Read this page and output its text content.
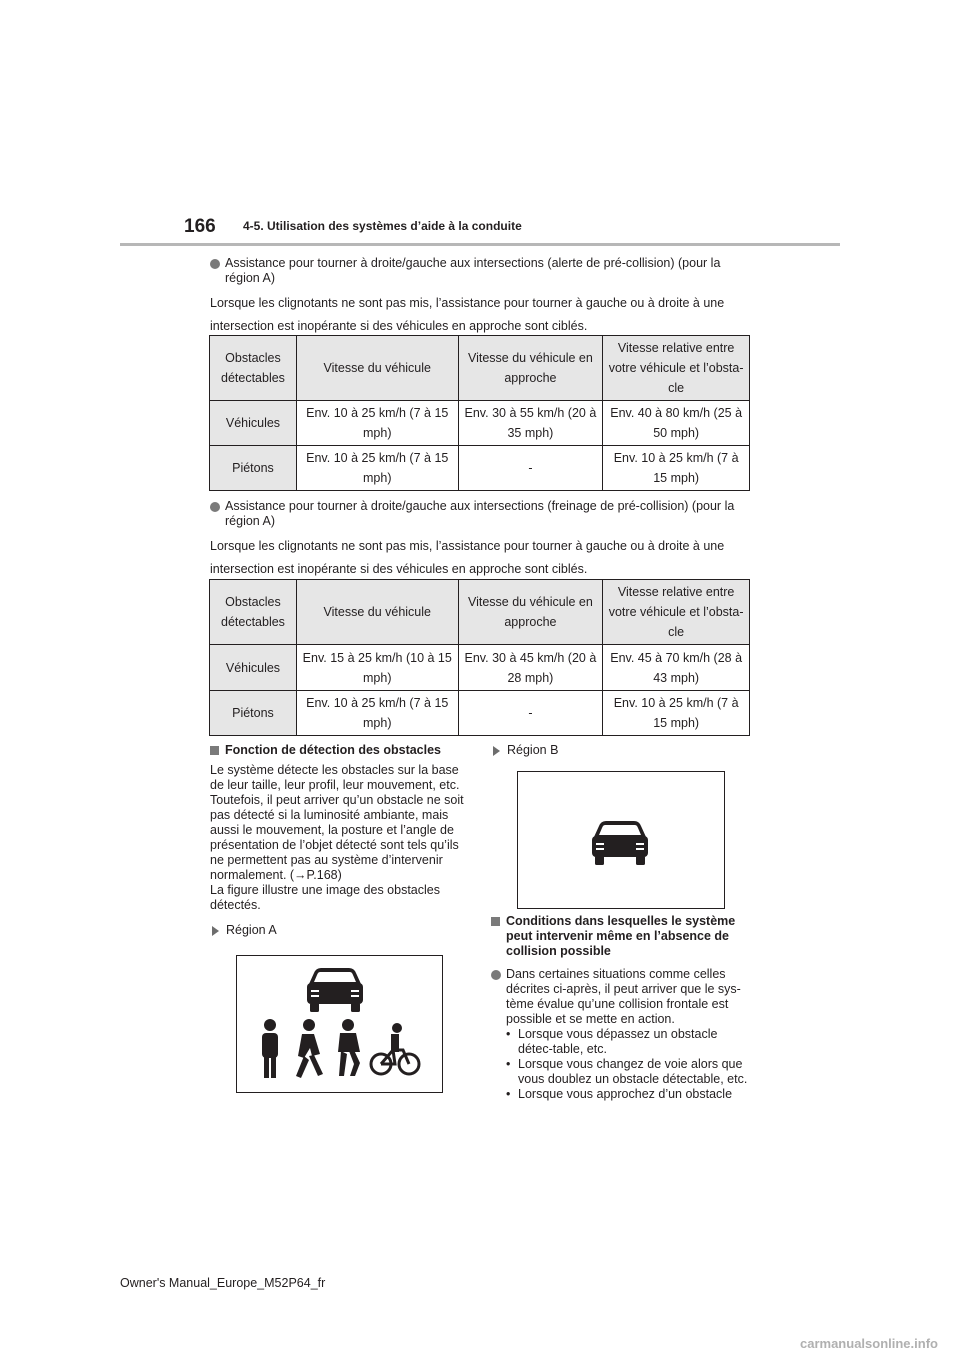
166 4-5. Utilisation des systèmes d’aide à la conduite
Assistance pour tourner à droite/gauche aux intersections (alerte de pré-collision) (pour la région A)
Lorsque les clignotants ne sont pas mis, l’assistance pour tourner à gauche ou à droite à une intersection est inopérante si des véhicules en approche sont ciblés.
Obstacles détectables	Vitesse du véhicule	Vitesse du véhicule en approche	Vitesse relative entre votre véhicule et l’obsta-cle
Véhicules	Env. 10 à 25 km/h (7 à 15 mph)	Env. 30 à 55 km/h (20 à 35 mph)	Env. 40 à 80 km/h (25 à 50 mph)
Piétons	Env. 10 à 25 km/h (7 à 15 mph)	-	Env. 10 à 25 km/h (7 à 15 mph)
Assistance pour tourner à droite/gauche aux intersections (freinage de pré-collision) (pour la région A)
Lorsque les clignotants ne sont pas mis, l’assistance pour tourner à gauche ou à droite à une intersection est inopérante si des véhicules en approche sont ciblés.
Obstacles détectables	Vitesse du véhicule	Vitesse du véhicule en approche	Vitesse relative entre votre véhicule et l’obsta-cle
Véhicules	Env. 15 à 25 km/h (10 à 15 mph)	Env. 30 à 45 km/h (20 à 28 mph)	Env. 45 à 70 km/h (28 à 43 mph)
Piétons	Env. 10 à 25 km/h (7 à 15 mph)	-	Env. 10 à 25 km/h (7 à 15 mph)
Fonction de détection des obstacles
Le système détecte les obstacles sur la base de leur taille, leur profil, leur mouvement, etc. Toutefois, il peut arriver qu’un obstacle ne soit pas détecté si la luminosité ambiante, mais aussi le mouvement, la posture et l’angle de présentation de l’objet détecté sont tels qu’ils ne permettent pas au système d’intervenir normalement. (→P.168)
La figure illustre une image des obstacles détectés.
Région A
Région B
Conditions dans lesquelles le système peut intervenir même en l’absence de collision possible
Dans certaines situations comme celles décrites ci-après, il peut arriver que le sys-tème évalue qu’une collision frontale est possible et se mette en action.
• Lorsque vous dépassez un obstacle détec-table, etc.
• Lorsque vous changez de voie alors que vous doublez un obstacle détectable, etc.
• Lorsque vous approchez d’un obstacle
Owner's Manual_Europe_M52P64_fr
carmanualsonline.info
